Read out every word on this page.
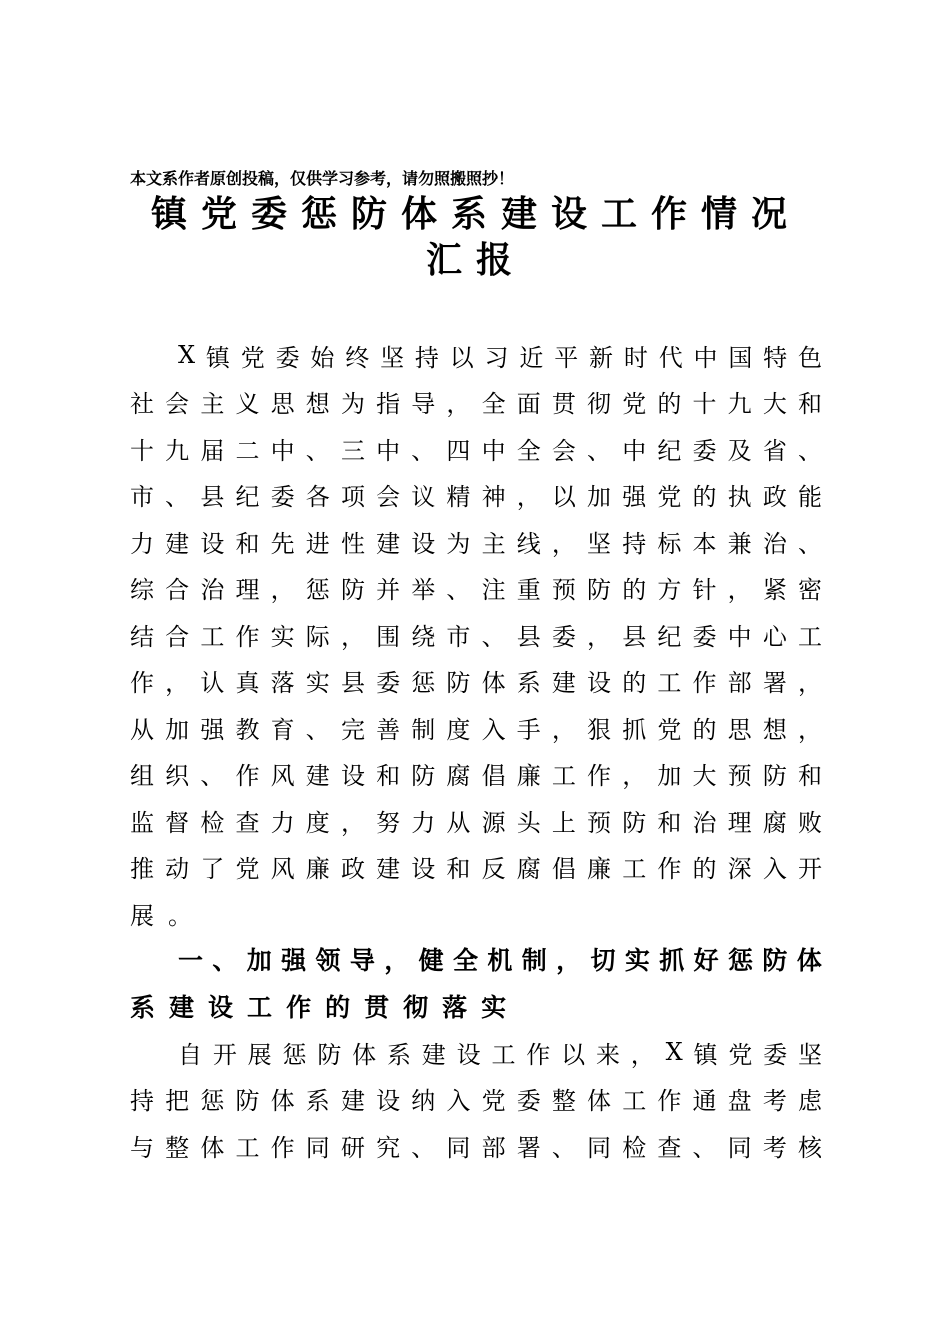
本文系作者原创投稿，仅供学习参考，请勿照搬照抄！
镇党委惩防体系建设工作情况
汇报
X 镇 党 委 始 终 坚 持 以 习 近 平 新 时 代 中 国 特 色
社 会 主 义 思 想 为 指 导 ， 全 面 贯 彻 党 的 十 九 大 和
十 九 届 二 中 、 三 中 、 四 中 全 会 、 中 纪 委 及 省 、
市 、 县 纪 委 各 项 会 议 精 神 ， 以 加 强 党 的 执 政 能
力 建 设 和 先 进 性 建 设 为 主 线 ， 坚 持 标 本 兼 治 、
综 合 治 理 ， 惩 防 并 举 、 注 重 预 防 的 方 针 ， 紧 密
结 合 工 作 实 际 ， 围 绕 市 、 县 委 ， 县 纪 委 中 心 工
作 ， 认 真 落 实 县 委 惩 防 体 系 建 设 的 工 作 部 署 ，
从 加 强 教 育 、 完 善 制 度 入 手 ， 狠 抓 党 的 思 想 ，
组 织 、 作 风 建 设 和 防 腐 倡 廉 工 作 ， 加 大 预 防 和
监 督 检 查 力 度 ， 努 力 从 源 头 上 预 防 和 治 理 腐 败
推 动 了 党 风 廉 政 建 设 和 反 腐 倡 廉 工 作 的 深 入 开
展 。
一 、 加 强 领 导 ， 健 全 机 制 ， 切 实 抓 好 惩 防 体
系 建 设 工 作 的 贯 彻 落 实
自 开 展 惩 防 体 系 建 设 工 作 以 来 ， X 镇 党 委 坚
持 把 惩 防 体 系 建 设 纳 入 党 委 整 体 工 作 通 盘 考 虑
与 整 体 工 作 同 研 究 、 同 部 署 、 同 检 查 、 同 考 核
